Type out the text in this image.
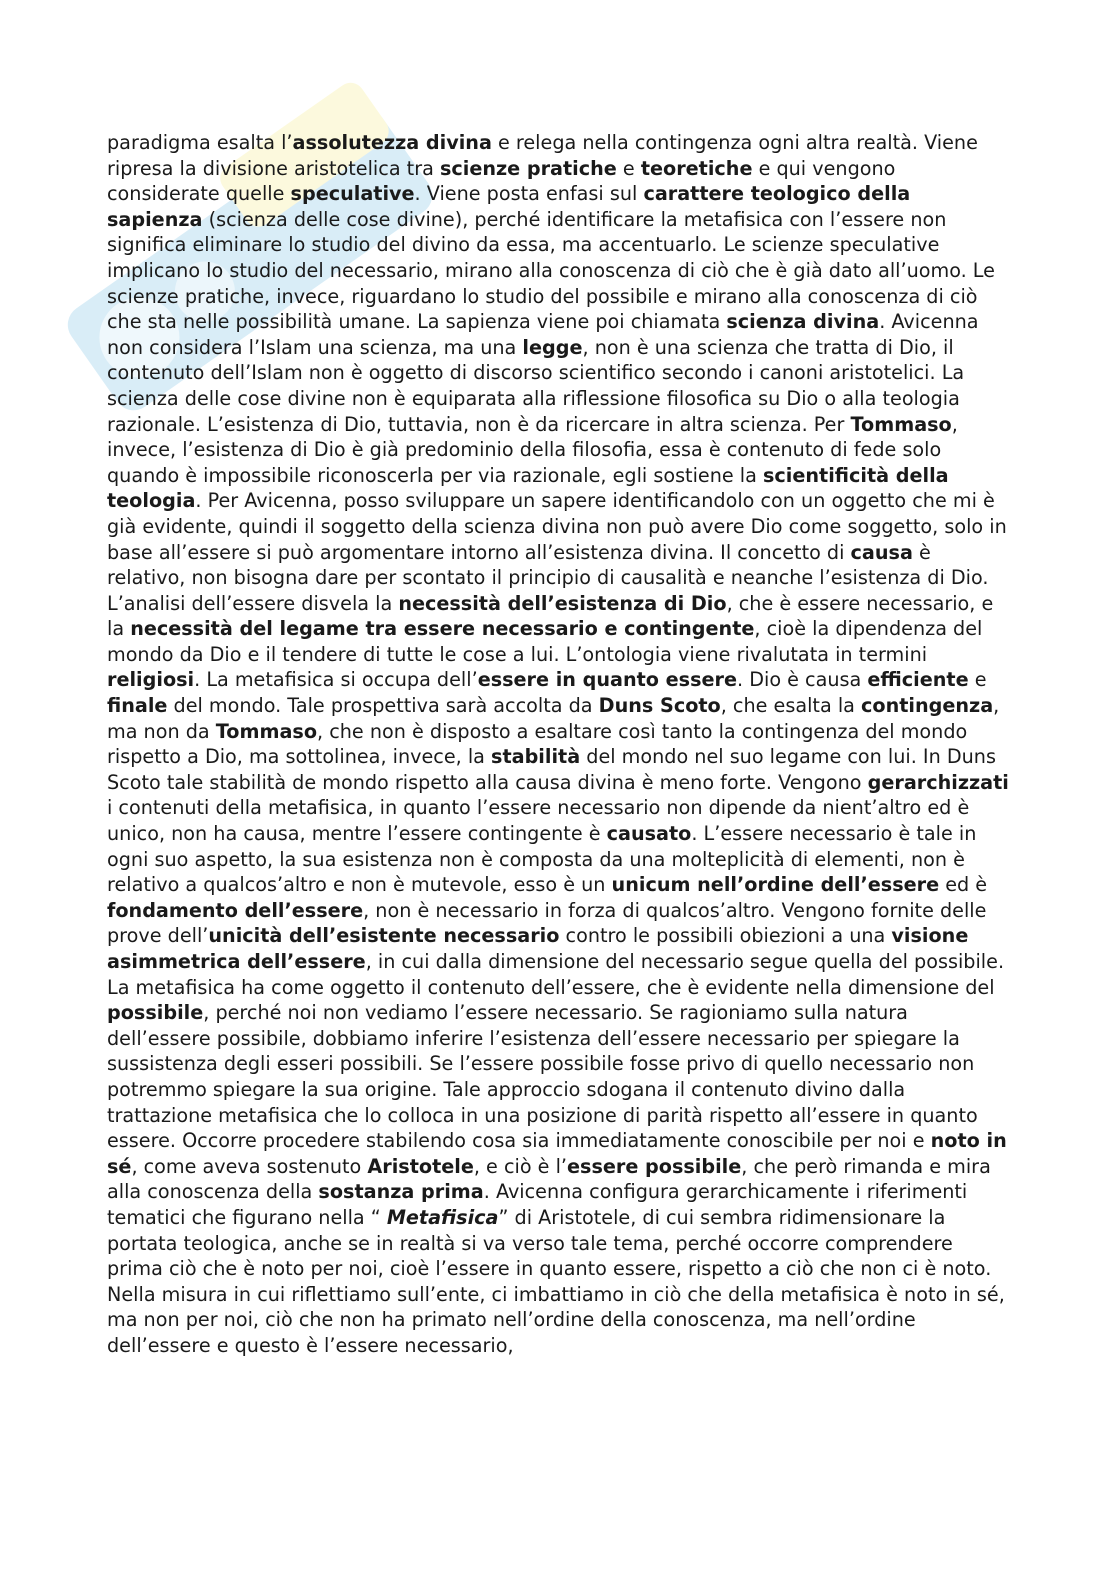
paradigma esalta l’assolutezza divina e relega nella contingenza ogni altra realtà. Viene ripresa la divisione aristotelica tra scienze pratiche e teoretiche e qui vengono considerate quelle speculative. Viene posta enfasi sul carattere teologico della sapienza (scienza delle cose divine), perché identificare la metafisica con l’essere non significa eliminare lo studio del divino da essa, ma accentuarlo. Le scienze speculative implicano lo studio del necessario, mirano alla conoscenza di ciò che è già dato all’uomo. Le scienze pratiche, invece, riguardano lo studio del possibile e mirano alla conoscenza di ciò che sta nelle possibilità umane. La sapienza viene poi chiamata scienza divina. Avicenna non considera l’Islam una scienza, ma una legge, non è una scienza che tratta di Dio, il contenuto dell’Islam non è oggetto di discorso scientifico secondo i canoni aristotelici. La scienza delle cose divine non è equiparata alla riflessione filosofica su Dio o alla teologia razionale. L’esistenza di Dio, tuttavia, non è da ricercare in altra scienza. Per Tommaso, invece, l’esistenza di Dio è già predominio della filosofia, essa è contenuto di fede solo quando è impossibile riconoscerla per via razionale, egli sostiene la scientificità della teologia. Per Avicenna, posso sviluppare un sapere identificandolo con un oggetto che mi è già evidente, quindi il soggetto della scienza divina non può avere Dio come soggetto, solo in base all’essere si può argomentare intorno all’esistenza divina. Il concetto di causa è relativo, non bisogna dare per scontato il principio di causalità e neanche l’esistenza di Dio. L’analisi dell’essere disvela la necessità dell’esistenza di Dio, che è essere necessario, e la necessità del legame tra essere necessario e contingente, cioè la dipendenza del mondo da Dio e il tendere di tutte le cose a lui. L’ontologia viene rivalutata in termini religiosi. La metafisica si occupa dell’essere in quanto essere. Dio è causa efficiente e finale del mondo. Tale prospettiva sarà accolta da Duns Scoto, che esalta la contingenza, ma non da Tommaso, che non è disposto a esaltare così tanto la contingenza del mondo rispetto a Dio, ma sottolinea, invece, la stabilità del mondo nel suo legame con lui. In Duns Scoto tale stabilità de mondo rispetto alla causa divina è meno forte. Vengono gerarchizzati i contenuti della metafisica, in quanto l’essere necessario non dipende da nient’altro ed è unico, non ha causa, mentre l’essere contingente è causato. L’essere necessario è tale in ogni suo aspetto, la sua esistenza non è composta da una molteplicità di elementi, non è relativo a qualcos’altro e non è mutevole, esso è un unicum nell’ordine dell’essere ed è fondamento dell’essere, non è necessario in forza di qualcos’altro. Vengono fornite delle prove dell’unicità dell’esistente necessario contro le possibili obiezioni a una visione asimmetrica dell’essere, in cui dalla dimensione del necessario segue quella del possibile. La metafisica ha come oggetto il contenuto dell’essere, che è evidente nella dimensione del possibile, perché noi non vediamo l’essere necessario. Se ragioniamo sulla natura dell’essere possibile, dobbiamo inferire l’esistenza dell’essere necessario per spiegare la sussistenza degli esseri possibili. Se l’essere possibile fosse privo di quello necessario non potremmo spiegare la sua origine. Tale approccio sdogana il contenuto divino dalla trattazione metafisica che lo colloca in una posizione di parità rispetto all’essere in quanto essere. Occorre procedere stabilendo cosa sia immediatamente conoscibile per noi e noto in sé, come aveva sostenuto Aristotele, e ciò è l’essere possibile, che però rimanda e mira alla conoscenza della sostanza prima. Avicenna configura gerarchicamente i riferimenti tematici che figurano nella “ Metafisica” di Aristotele, di cui sembra ridimensionare la portata teologica, anche se in realtà si va verso tale tema, perché occorre comprendere prima ciò che è noto per noi, cioè l’essere in quanto essere, rispetto a ciò che non ci è noto. Nella misura in cui riflettiamo sull’ente, ci imbattiamo in ciò che della metafisica è noto in sé, ma non per noi, ciò che non ha primato nell’ordine della conoscenza, ma nell’ordine dell’essere e questo è l’essere necessario,
